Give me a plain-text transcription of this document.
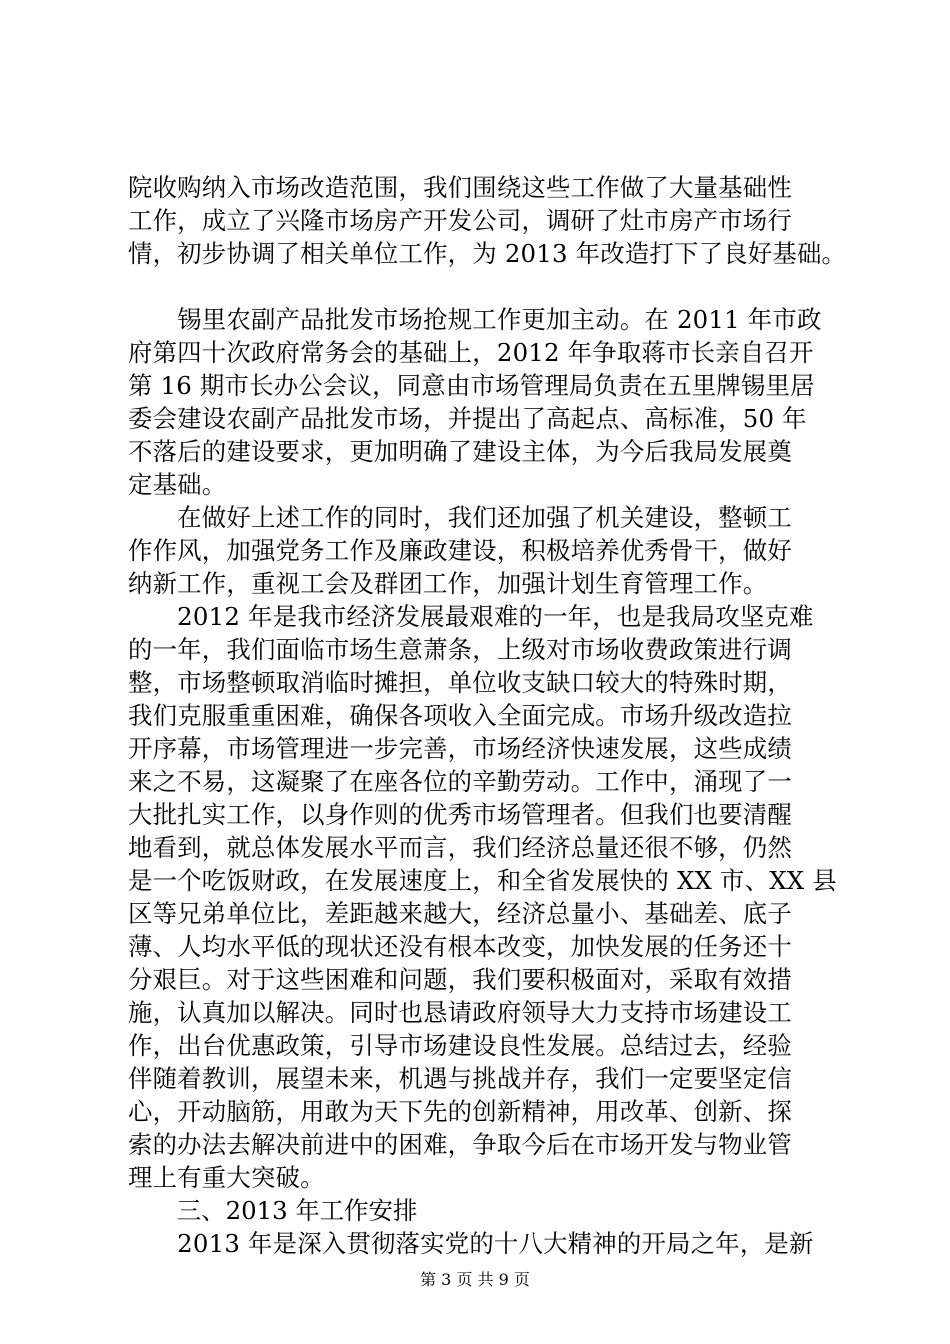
院收购纳入市场改造范围，我们围绕这些工作做了大量基础性
工作，成立了兴隆市场房产开发公司，调研了灶市房产市场行
情，初步协调了相关单位工作，为 2013 年改造打下了良好基础。
　　锡里农副产品批发市场抢规工作更加主动。在 2011 年市政
府第四十次政府常务会的基础上，2012 年争取蒋市长亲自召开
第 16 期市长办公会议，同意由市场管理局负责在五里牌锡里居
委会建设农副产品批发市场，并提出了高起点、高标准，50 年
不落后的建设要求，更加明确了建设主体，为今后我局发展奠
定基础。
　　在做好上述工作的同时，我们还加强了机关建设，整顿工
作作风，加强党务工作及廉政建设，积极培养优秀骨干，做好
纳新工作，重视工会及群团工作，加强计划生育管理工作。
　　2012 年是我市经济发展最艰难的一年，也是我局攻坚克难
的一年，我们面临市场生意萧条，上级对市场收费政策进行调
整，市场整顿取消临时摊担，单位收支缺口较大的特殊时期，
我们克服重重困难，确保各项收入全面完成。市场升级改造拉
开序幕，市场管理进一步完善，市场经济快速发展，这些成绩
来之不易，这凝聚了在座各位的辛勤劳动。工作中，涌现了一
大批扎实工作，以身作则的优秀市场管理者。但我们也要清醒
地看到，就总体发展水平而言，我们经济总量还很不够，仍然
是一个吃饭财政，在发展速度上，和全省发展快的 XX 市、XX 县
区等兄弟单位比，差距越来越大，经济总量小、基础差、底子
薄、人均水平低的现状还没有根本改变，加快发展的任务还十
分艰巨。对于这些困难和问题，我们要积极面对，采取有效措
施，认真加以解决。同时也恳请政府领导大力支持市场建设工
作，出台优惠政策，引导市场建设良性发展。总结过去，经验
伴随着教训，展望未来，机遇与挑战并存，我们一定要坚定信
心，开动脑筋，用敢为天下先的创新精神，用改革、创新、探
索的办法去解决前进中的困难，争取今后在市场开发与物业管
理上有重大突破。
　　三、2013 年工作安排
　　2013 年是深入贯彻落实党的十八大精神的开局之年，是新
第 3 页 共 9 页
